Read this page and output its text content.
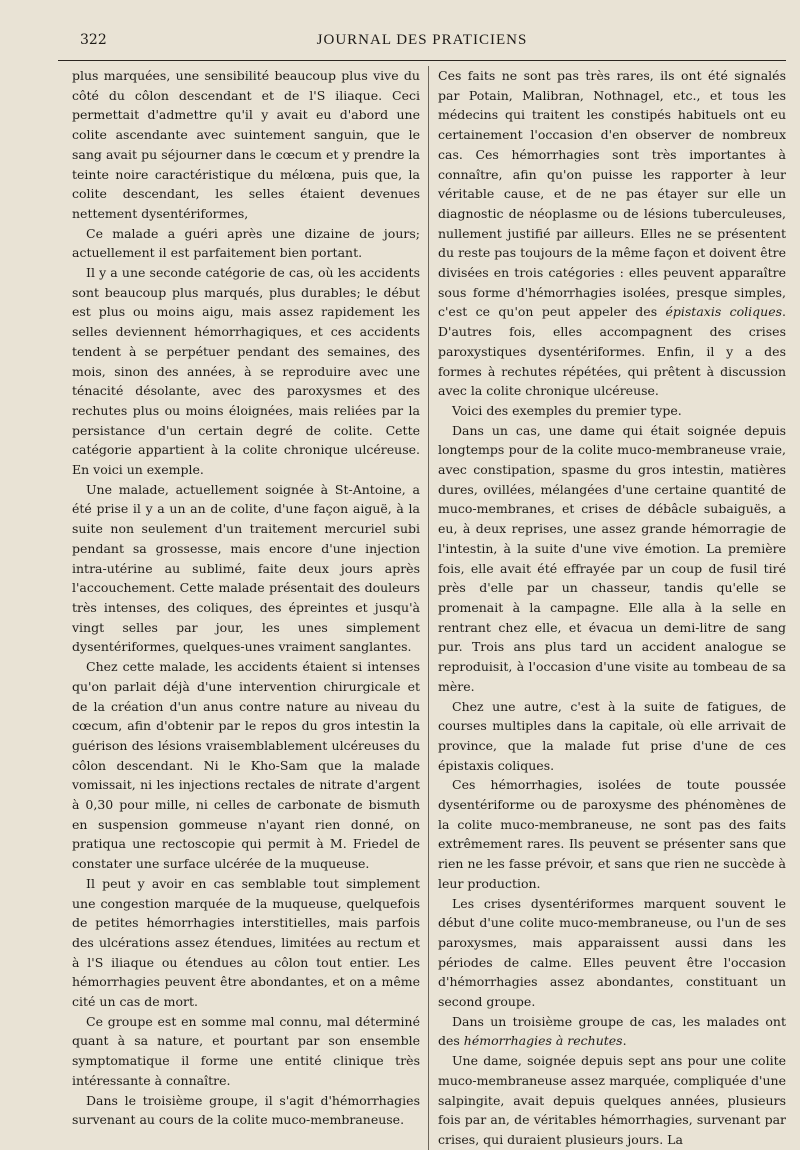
322	JOURNAL DES PRATICIENS

plus marquées, une sensibilité beaucoup plus vive du côté du côlon descendant et de l'S iliaque. Ceci permettait d'admettre qu'il y avait eu d'abord une colite ascendante avec suintement sanguin, que le sang avait pu séjourner dans le cœcum et y prendre la teinte noire caractéristique du mélœna, puis que, la colite descendant, les selles étaient devenues nettement dysentériformes,

Ce malade a guéri après une dizaine de jours; actuellement il est parfaitement bien portant.

Il y a une seconde catégorie de cas, où les accidents sont beaucoup plus marqués, plus durables; le début est plus ou moins aigu, mais assez rapidement les selles deviennent hémorrhagiques, et ces accidents tendent à se perpétuer pendant des semaines, des mois, sinon des années, à se reproduire avec une ténacité désolante, avec des paroxysmes et des rechutes plus ou moins éloignées, mais reliées par la persistance d'un certain degré de colite. Cette catégorie appartient à la colite chronique ulcéreuse. En voici un exemple.

Une malade, actuellement soignée à St-Antoine, a été prise il y a un an de colite, d'une façon aiguë, à la suite non seulement d'un traitement mercuriel subi pendant sa grossesse, mais encore d'une injection intra-utérine au sublimé, faite deux jours après l'accouchement. Cette malade présentait des douleurs très intenses, des coliques, des épreintes et jusqu'à vingt selles par jour, les unes simplement dysentériformes, quelques-unes vraiment sanglantes.

Chez cette malade, les accidents étaient si intenses qu'on parlait déjà d'une intervention chirurgicale et de la création d'un anus contre nature au niveau du cœcum, afin d'obtenir par le repos du gros intestin la guérison des lésions vraisemblablement ulcéreuses du côlon descendant. Ni le Kho-Sam que la malade vomissait, ni les injections rectales de nitrate d'argent à 0,30 pour mille, ni celles de carbonate de bismuth en suspension gommeuse n'ayant rien donné, on pratiqua une rectoscopie qui permit à M. Friedel de constater une surface ulcérée de la muqueuse.

Il peut y avoir en cas semblable tout simplement une congestion marquée de la muqueuse, quelquefois de petites hémorrhagies interstitielles, mais parfois des ulcérations assez étendues, limitées au rectum et à l'S iliaque ou étendues au côlon tout entier. Les hémorrhagies peuvent être abondantes, et on a même cité un cas de mort.

Ce groupe est en somme mal connu, mal déterminé quant à sa nature, et pourtant par son ensemble symptomatique il forme une entité clinique très intéressante à connaître.

Dans le troisième groupe, il s'agit d'hémorrhagies survenant au cours de la colite muco-membraneuse.

Ces faits ne sont pas très rares, ils ont été signalés par Potain, Malibran, Nothnagel, etc., et tous les médecins qui traitent les constipés habituels ont eu certainement l'occasion d'en observer de nombreux cas. Ces hémorrhagies sont très importantes à connaître, afin qu'on puisse les rapporter à leur véritable cause, et de ne pas étayer sur elle un diagnostic de néoplasme ou de lésions tuberculeuses, nullement justifié par ailleurs. Elles ne se présentent du reste pas toujours de la même façon et doivent être divisées en trois catégories : elles peuvent apparaître sous forme d'hémorrhagies isolées, presque simples, c'est ce qu'on peut appeler des épistaxis coliques. D'autres fois, elles accompagnent des crises paroxystiques dysentériformes. Enfin, il y a des formes à rechutes répétées, qui prêtent à discussion avec la colite chronique ulcéreuse.

Voici des exemples du premier type.

Dans un cas, une dame qui était soignée depuis longtemps pour de la colite muco-membraneuse vraie, avec constipation, spasme du gros intestin, matières dures, ovillées, mélangées d'une certaine quantité de muco-membranes, et crises de débâcle subaiguës, a eu, à deux reprises, une assez grande hémorragie de l'intestin, à la suite d'une vive émotion. La première fois, elle avait été effrayée par un coup de fusil tiré près d'elle par un chasseur, tandis qu'elle se promenait à la campagne. Elle alla à la selle en rentrant chez elle, et évacua un demi-litre de sang pur. Trois ans plus tard un accident analogue se reproduisit, à l'occasion d'une visite au tombeau de sa mère.

Chez une autre, c'est à la suite de fatigues, de courses multiples dans la capitale, où elle arrivait de province, que la malade fut prise d'une de ces épistaxis coliques.

Ces hémorrhagies, isolées de toute poussée dysentériforme ou de paroxysme des phénomènes de la colite muco-membraneuse, ne sont pas des faits extrêmement rares. Ils peuvent se présenter sans que rien ne les fasse prévoir, et sans que rien ne succède à leur production.

Les crises dysentériformes marquent souvent le début d'une colite muco-membraneuse, ou l'un de ses paroxysmes, mais apparaissent aussi dans les périodes de calme. Elles peuvent être l'occasion d'hémorrhagies assez abondantes, constituant un second groupe.

Dans un troisième groupe de cas, les malades ont des hémorrhagies à rechutes.

Une dame, soignée depuis sept ans pour une colite muco-membraneuse assez marquée, compliquée d'une salpingite, avait depuis quelques années, plusieurs fois par an, de véritables hémorrhagies, survenant par crises, qui duraient plusieurs jours. La
